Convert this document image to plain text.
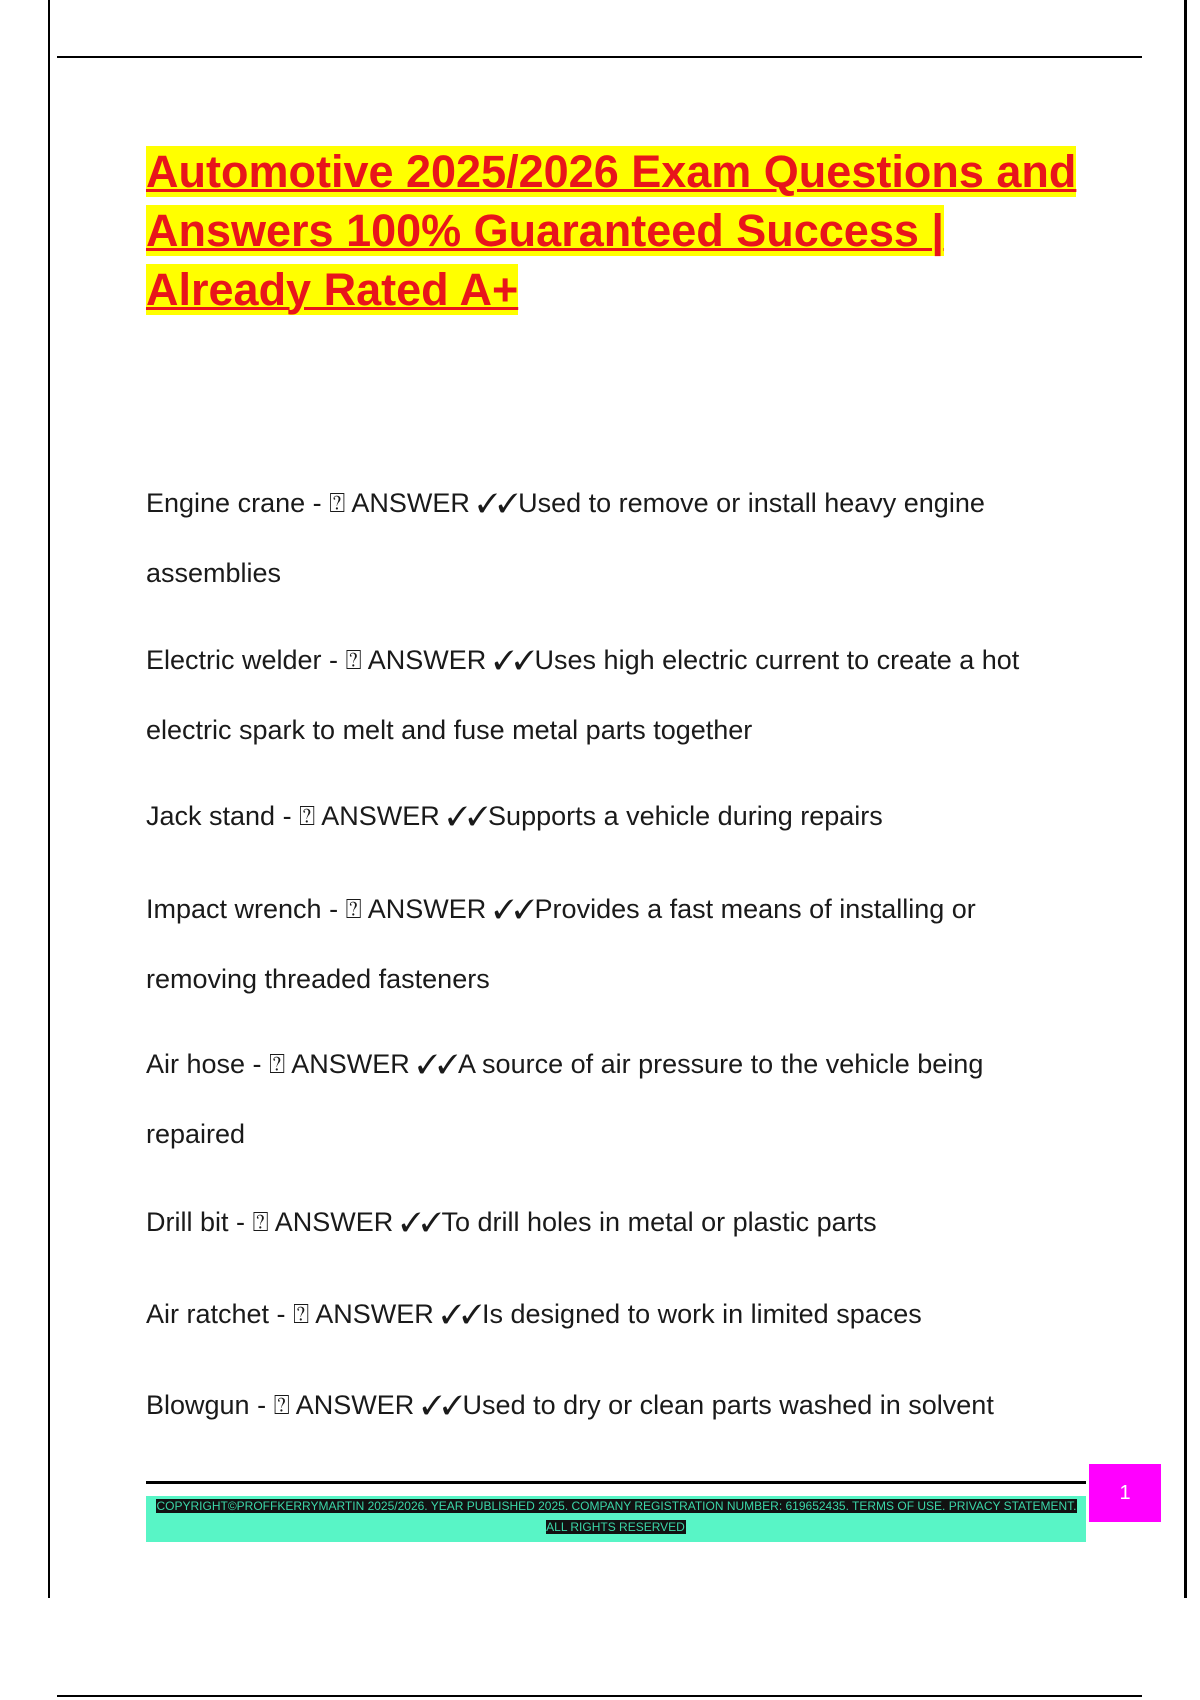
Automotive 2025/2026 Exam Questions and Answers 100% Guaranteed Success | Already Rated A+
Engine crane - ⍰ ANSWER ✓✓Used to remove or install heavy engine assemblies
Electric welder - ⍰ ANSWER ✓✓Uses high electric current to create a hot electric spark to melt and fuse metal parts together
Jack stand - ⍰ ANSWER ✓✓Supports a vehicle during repairs
Impact wrench - ⍰ ANSWER ✓✓Provides a fast means of installing or removing threaded fasteners
Air hose - ⍰ ANSWER ✓✓A source of air pressure to the vehicle being repaired
Drill bit - ⍰ ANSWER ✓✓To drill holes in metal or plastic parts
Air ratchet - ⍰ ANSWER ✓✓Is designed to work in limited spaces
Blowgun - ⍰ ANSWER ✓✓Used to dry or clean parts washed in solvent
COPYRIGHT©PROFFKERRYMARTIN 2025/2026. YEAR PUBLISHED 2025. COMPANY REGISTRATION NUMBER: 619652435. TERMS OF USE. PRIVACY STATEMENT. ALL RIGHTS RESERVED
1
